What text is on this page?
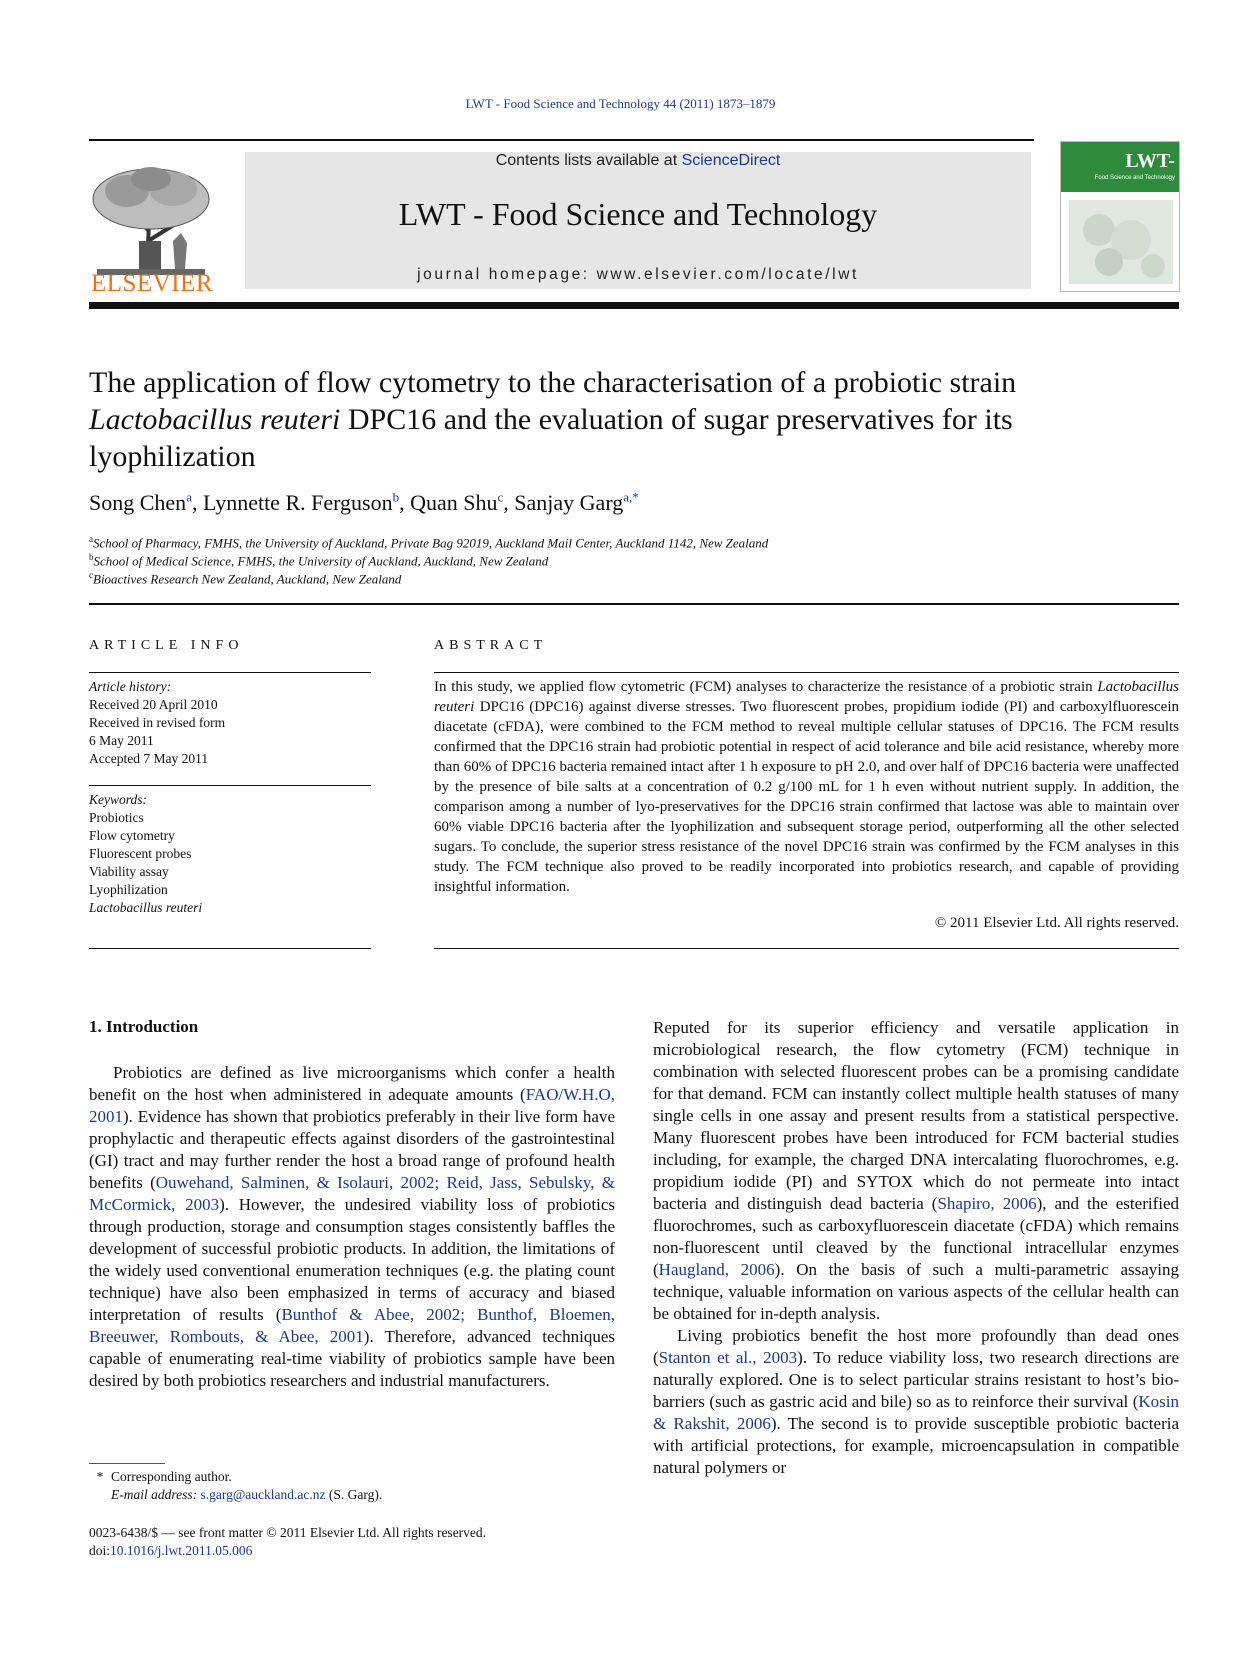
LWT - Food Science and Technology 44 (2011) 1873–1879
ELSEVIER
Contents lists available at ScienceDirect
LWT - Food Science and Technology
journal homepage: www.elsevier.com/locate/lwt
LWT-
Food Science and Technology
The application of flow cytometry to the characterisation of a probiotic strain
Lactobacillus reuteri DPC16 and the evaluation of sugar preservatives for its
lyophilization
Song Chen$^a$, Lynnette R. Ferguson$^b$, Quan Shu$^c$, Sanjay Garg$^{a,*}$
$^a$School of Pharmacy, FMHS, the University of Auckland, Private Bag 92019, Auckland Mail Center, Auckland 1142, New Zealand
$^b$School of Medical Science, FMHS, the University of Auckland, Auckland, New Zealand
$^c$Bioactives Research New Zealand, Auckland, New Zealand
ARTICLE INFO
Article history:
Received 20 April 2010
Received in revised form
6 May 2011
Accepted 7 May 2011
Keywords:
Probiotics
Flow cytometry
Fluorescent probes
Viability assay
Lyophilization
Lactobacillus reuteri
ABSTRACT
In this study, we applied flow cytometric (FCM) analyses to characterize the resistance of a probiotic strain Lactobacillus reuteri DPC16 (DPC16) against diverse stresses. Two fluorescent probes, propidium iodide (PI) and carboxylfluorescein diacetate (cFDA), were combined to the FCM method to reveal multiple cellular statuses of DPC16. The FCM results confirmed that the DPC16 strain had probiotic potential in respect of acid tolerance and bile acid resistance, whereby more than 60% of DPC16 bacteria remained intact after 1 h exposure to pH 2.0, and over half of DPC16 bacteria were unaffected by the presence of bile salts at a concentration of 0.2 g/100 mL for 1 h even without nutrient supply. In addition, the comparison among a number of lyo-preservatives for the DPC16 strain confirmed that lactose was able to maintain over 60% viable DPC16 bacteria after the lyophilization and subsequent storage period, outperforming all the other selected sugars. To conclude, the superior stress resistance of the novel DPC16 strain was confirmed by the FCM analyses in this study. The FCM technique also proved to be readily incorporated into probiotics research, and capable of providing insightful information.
© 2011 Elsevier Ltd. All rights reserved.
1. Introduction

Probiotics are defined as live microorganisms which confer a health benefit on the host when administered in adequate amounts (FAO/W.H.O, 2001). Evidence has shown that probiotics preferably in their live form have prophylactic and therapeutic effects against disorders of the gastrointestinal (GI) tract and may further render the host a broad range of profound health benefits (Ouwehand, Salminen, & Isolauri, 2002; Reid, Jass, Sebulsky, & McCormick, 2003). However, the undesired viability loss of probiotics through production, storage and consumption stages consistently baffles the development of successful probiotic products. In addition, the limitations of the widely used conventional enumeration techniques (e.g. the plating count technique) have also been emphasized in terms of accuracy and biased interpretation of results (Bunthof & Abee, 2002; Bunthof, Bloemen, Breeuwer, Rombouts, & Abee, 2001). Therefore, advanced techniques capable of enumerating real-time viability of probiotics sample have been desired by both probiotics researchers and industrial manufacturers.

Reputed for its superior efficiency and versatile application in microbiological research, the flow cytometry (FCM) technique in combination with selected fluorescent probes can be a promising candidate for that demand. FCM can instantly collect multiple health statuses of many single cells in one assay and present results from a statistical perspective. Many fluorescent probes have been introduced for FCM bacterial studies including, for example, the charged DNA intercalating fluorochromes, e.g. propidium iodide (PI) and SYTOX which do not permeate into intact bacteria and distinguish dead bacteria (Shapiro, 2006), and the esterified fluorochromes, such as carboxyfluorescein diacetate (cFDA) which remains non-fluorescent until cleaved by the functional intracellular enzymes (Haugland, 2006). On the basis of such a multi-parametric assaying technique, valuable information on various aspects of the cellular health can be obtained for in-depth analysis.

Living probiotics benefit the host more profoundly than dead ones (Stanton et al., 2003). To reduce viability loss, two research directions are naturally explored. One is to select particular strains resistant to host’s bio-barriers (such as gastric acid and bile) so as to reinforce their survival (Kosin & Rakshit, 2006). The second is to provide susceptible probiotic bacteria with artificial protections, for example, microencapsulation in compatible natural polymers or

* Corresponding author.
E-mail address: s.garg@auckland.ac.nz (S. Garg).
0023-6438/$ — see front matter © 2011 Elsevier Ltd. All rights reserved.
doi:10.1016/j.lwt.2011.05.006
